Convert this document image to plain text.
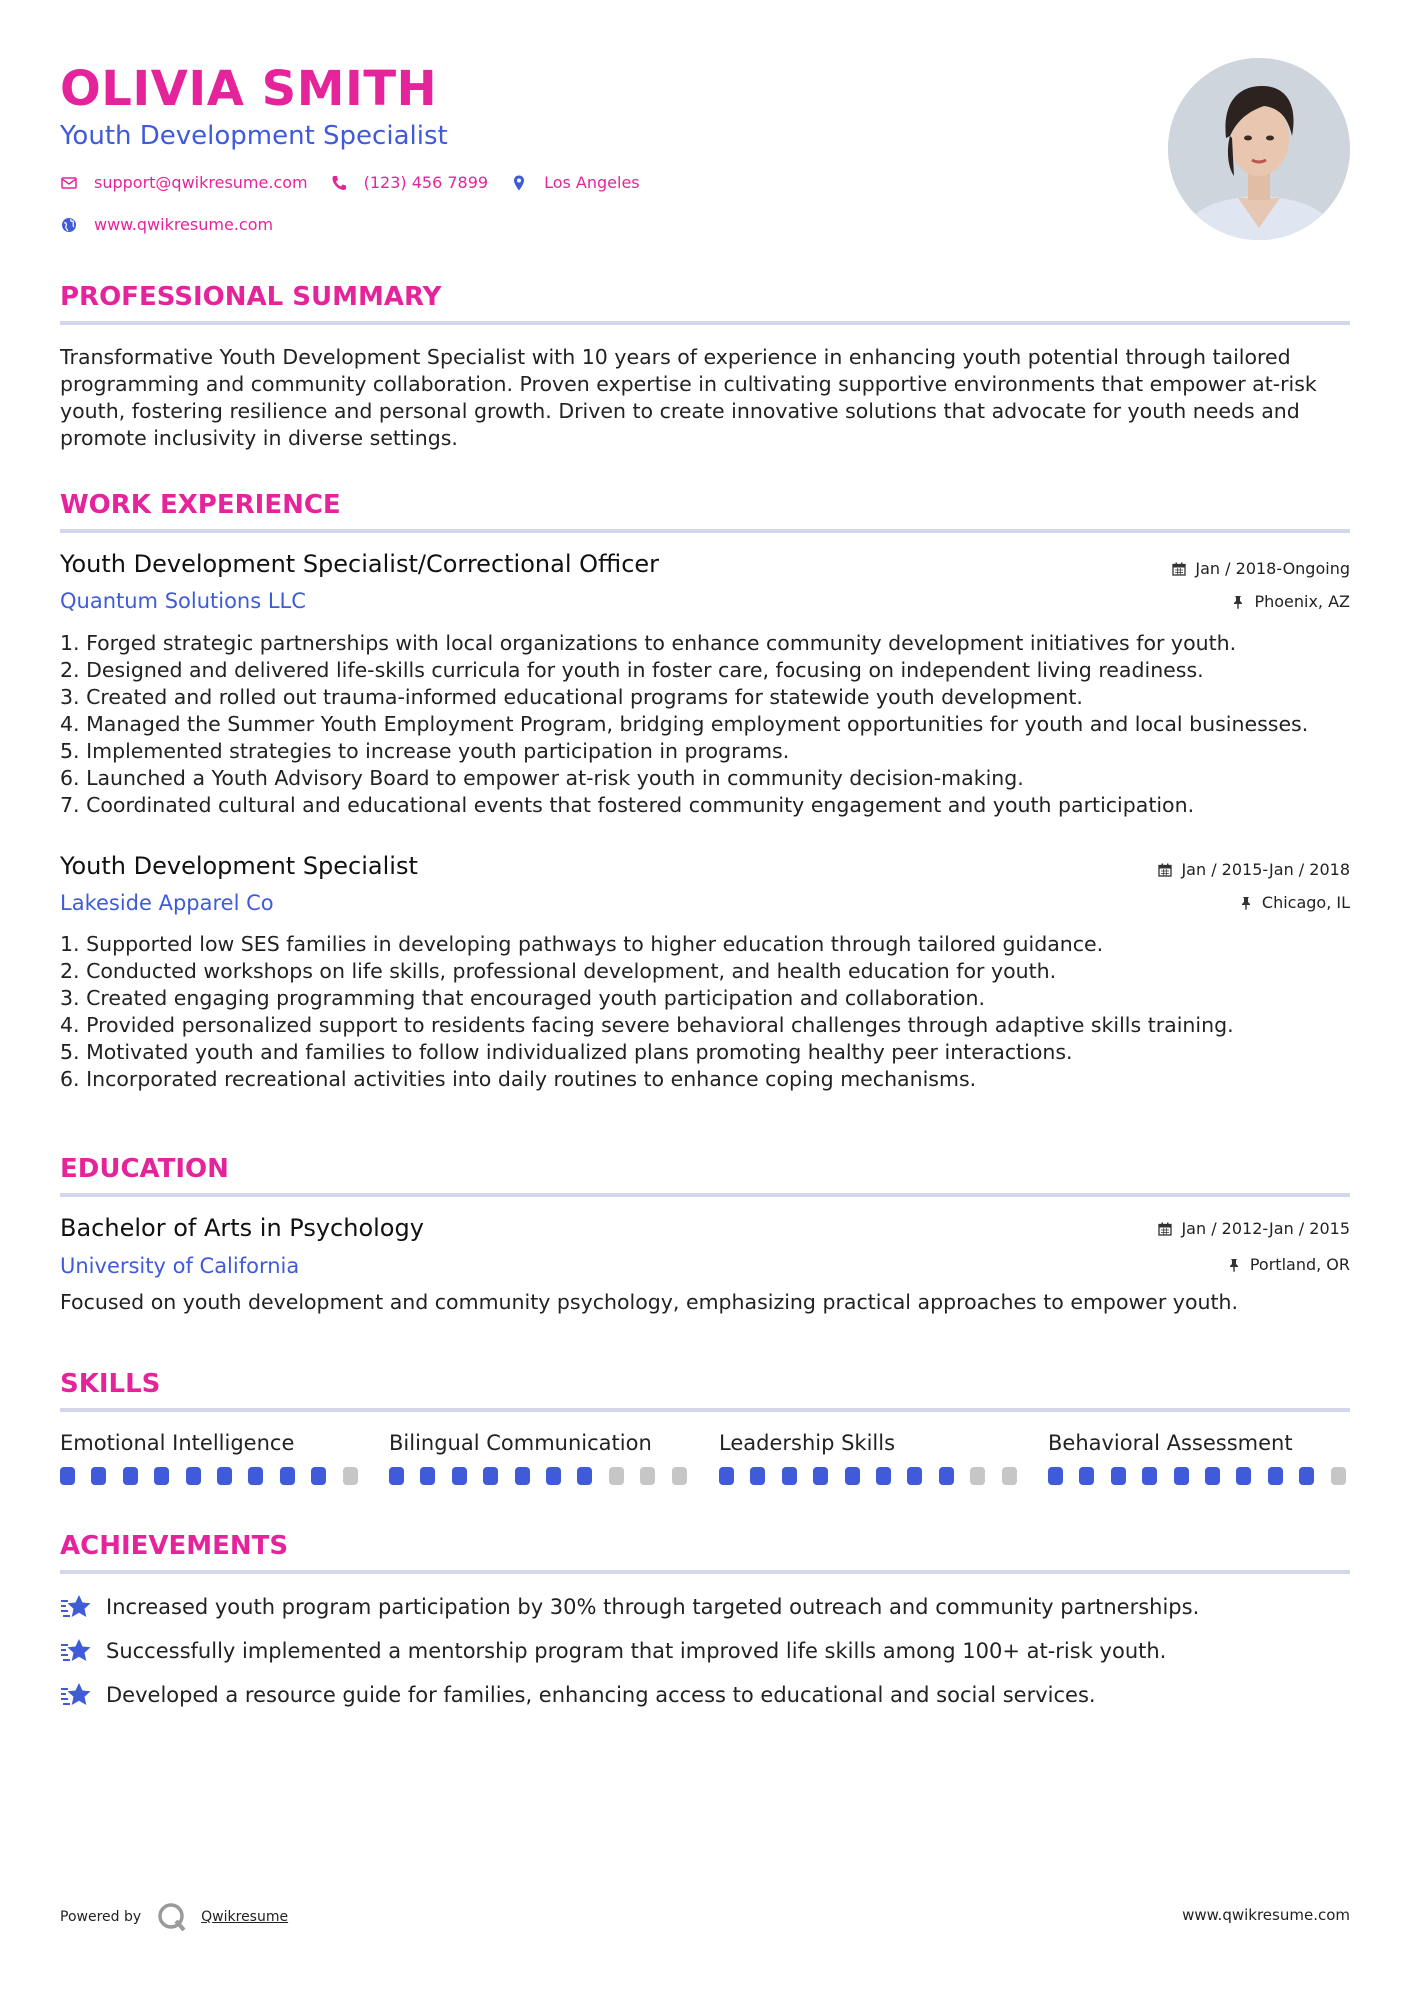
OLIVIA SMITH
Youth Development Specialist
support@qwikresume.com	(123) 456 7899	Los Angeles
www.qwikresume.com
PROFESSIONAL SUMMARY
Transformative Youth Development Specialist with 10 years of experience in enhancing youth potential through tailored programming and community collaboration. Proven expertise in cultivating supportive environments that empower at-risk youth, fostering resilience and personal growth. Driven to create innovative solutions that advocate for youth needs and promote inclusivity in diverse settings.
WORK EXPERIENCE
Youth Development Specialist/Correctional Officer
Quantum Solutions LLC
Jan / 2018-Ongoing
Phoenix, AZ
1. Forged strategic partnerships with local organizations to enhance community development initiatives for youth.
2. Designed and delivered life-skills curricula for youth in foster care, focusing on independent living readiness.
3. Created and rolled out trauma-informed educational programs for statewide youth development.
4. Managed the Summer Youth Employment Program, bridging employment opportunities for youth and local businesses.
5. Implemented strategies to increase youth participation in programs.
6. Launched a Youth Advisory Board to empower at-risk youth in community decision-making.
7. Coordinated cultural and educational events that fostered community engagement and youth participation.
Youth Development Specialist
Lakeside Apparel Co
Jan / 2015-Jan / 2018
Chicago, IL
1. Supported low SES families in developing pathways to higher education through tailored guidance.
2. Conducted workshops on life skills, professional development, and health education for youth.
3. Created engaging programming that encouraged youth participation and collaboration.
4. Provided personalized support to residents facing severe behavioral challenges through adaptive skills training.
5. Motivated youth and families to follow individualized plans promoting healthy peer interactions.
6. Incorporated recreational activities into daily routines to enhance coping mechanisms.
EDUCATION
Bachelor of Arts in Psychology
University of California
Jan / 2012-Jan / 2015
Portland, OR
Focused on youth development and community psychology, emphasizing practical approaches to empower youth.
SKILLS
Emotional Intelligence	Bilingual Communication	Leadership Skills	Behavioral Assessment
ACHIEVEMENTS
Increased youth program participation by 30% through targeted outreach and community partnerships.
Successfully implemented a mentorship program that improved life skills among 100+ at-risk youth.
Developed a resource guide for families, enhancing access to educational and social services.
Powered by	Qwikresume	www.qwikresume.com
